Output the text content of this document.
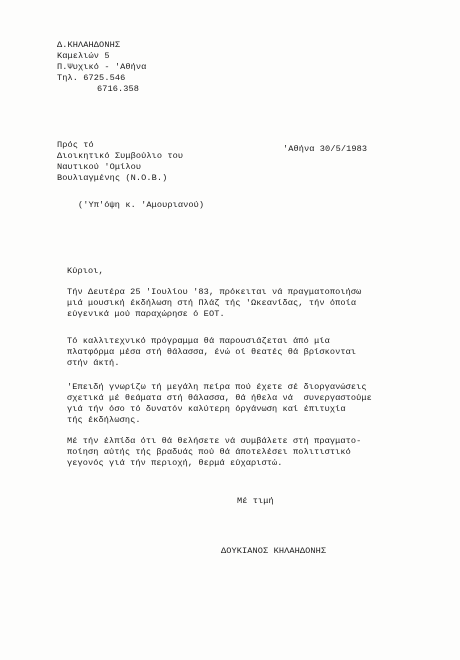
Δ.ΚΗΛΑΗΔΟΝΗΣ
Καμελιών 5
Π.Ψυχικό - 'Αθήνα
Τηλ. 6725.546
6716.358
'Αθήνα 30/5/1983
Πρός τό
Διοικητικό Συμβούλιο του
Ναυτικού 'Ομίλου
Βουλιαγμένης (Ν.Ο.Β.)
('Υπ'όψη κ. 'Αμουριανού)
Κύριοι,
Τήν Δευτέρα 25 'Ιουλίου '83, πρόκειται νά πραγματοποιήσω
μιά μουσική έκδήλωση στή Πλάζ τής 'Ωκεανίδας, τήν όποία
εύγενικά μού παραχώρησε ό ΕΟΤ.
Τό καλλιτεχνικό πρόγραμμα θά παρουσιάζεται άπό μία
πλατφόρμα μέσα στή θάλασσα, ένώ οί θεατές θά βρίσκονται
στήν άκτή.
'Επειδή γνωρίζω τή μεγάλη πείρα πού έχετε σέ διοργανώσεις
σχετικά μέ θεάματα στή θάλασσα, θά ήθελα νά  συνεργαστούμε
γιά τήν όσο τό δυνατόν καλύτερη όργάνωση καί έπιτυχία
τής έκδήλωσης.
Μέ τήν έλπίδα ότι θά θελήσετε νά συμβάλετε στή πραγματο-
ποίηση αύτής τής βραδυάς πού θά άποτελέσει πολιτιστικό
γεγονός γιά τήν περιοχή, θερμά εύχαριστώ.
Μέ τιμή
ΔΟΥΚΙΑΝΟΣ ΚΗΛΑΗΔΟΝΗΣ
